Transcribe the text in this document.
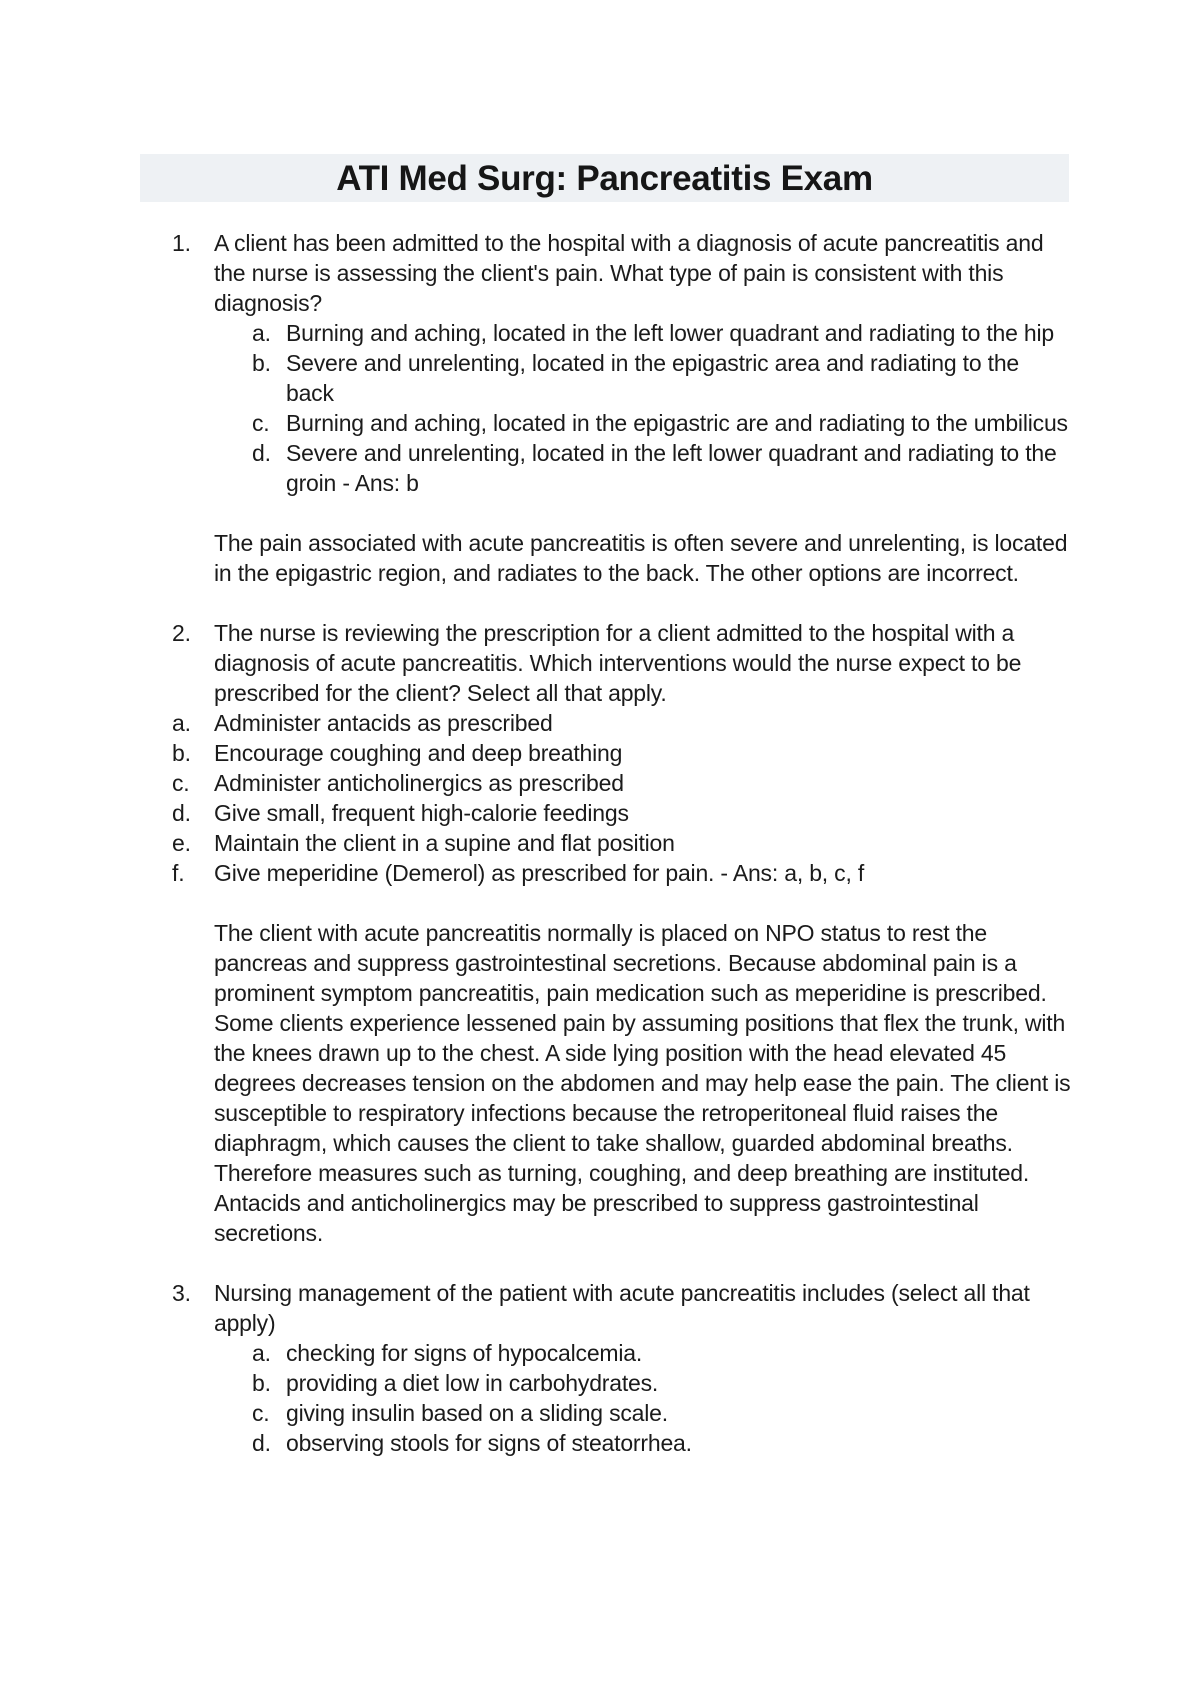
ATI Med Surg: Pancreatitis Exam
1.	A client has been admitted to the hospital with a diagnosis of acute pancreatitis and the nurse is assessing the client's pain. What type of pain is consistent with this diagnosis?
a. Burning and aching, located in the left lower quadrant and radiating to the hip
b. Severe and unrelenting, located in the epigastric area and radiating to the back
c. Burning and aching, located in the epigastric are and radiating to the umbilicus
d. Severe and unrelenting, located in the left lower quadrant and radiating to the groin - Ans: b
The pain associated with acute pancreatitis is often severe and unrelenting, is located in the epigastric region, and radiates to the back. The other options are incorrect.
2.	The nurse is reviewing the prescription for a client admitted to the hospital with a diagnosis of acute pancreatitis. Which interventions would the nurse expect to be prescribed for the client? Select all that apply.
a. Administer antacids as prescribed
b. Encourage coughing and deep breathing
c. Administer anticholinergics as prescribed
d. Give small, frequent high-calorie feedings
e. Maintain the client in a supine and flat position
f. Give meperidine (Demerol) as prescribed for pain. - Ans: a, b, c, f
The client with acute pancreatitis normally is placed on NPO status to rest the pancreas and suppress gastrointestinal secretions. Because abdominal pain is a prominent symptom pancreatitis, pain medication such as meperidine is prescribed. Some clients experience lessened pain by assuming positions that flex the trunk, with the knees drawn up to the chest. A side lying position with the head elevated 45 degrees decreases tension on the abdomen and may help ease the pain. The client is susceptible to respiratory infections because the retroperitoneal fluid raises the diaphragm, which causes the client to take shallow, guarded abdominal breaths. Therefore measures such as turning, coughing, and deep breathing are instituted. Antacids and anticholinergics may be prescribed to suppress gastrointestinal secretions.
3.	Nursing management of the patient with acute pancreatitis includes (select all that apply)
a. checking for signs of hypocalcemia.
b. providing a diet low in carbohydrates.
c. giving insulin based on a sliding scale.
d. observing stools for signs of steatorrhea.
